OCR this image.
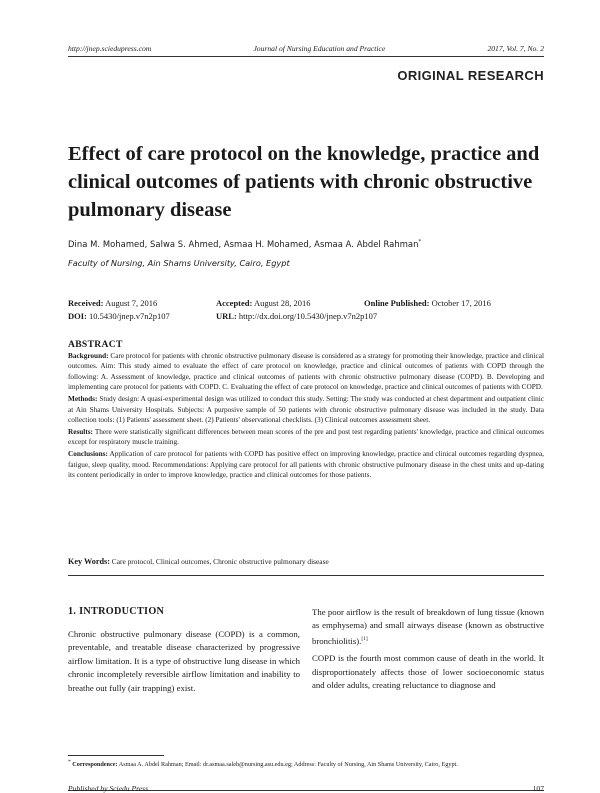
http://jnep.sciedupress.com	Journal of Nursing Education and Practice	2017, Vol. 7, No. 2
ORIGINAL RESEARCH
Effect of care protocol on the knowledge, practice and clinical outcomes of patients with chronic obstructive pulmonary disease
Dina M. Mohamed, Salwa S. Ahmed, Asmaa H. Mohamed, Asmaa A. Abdel Rahman*
Faculty of Nursing, Ain Shams University, Cairo, Egypt
Received: August 7, 2016	Accepted: August 28, 2016	Online Published: October 17, 2016
DOI: 10.5430/jnep.v7n2p107	URL: http://dx.doi.org/10.5430/jnep.v7n2p107
ABSTRACT

Background: Care protocol for patients with chronic obstructive pulmonary disease is considered as a strategy for promoting their knowledge, practice and clinical outcomes. Aim: This study aimed to evaluate the effect of care protocol on knowledge, practice and clinical outcomes of patients with COPD through the following: A. Assessment of knowledge, practice and clinical outcomes of patients with chronic obstructive pulmonary disease (COPD). B. Developing and implementing care protocol for patients with COPD. C. Evaluating the effect of care protocol on knowledge, practice and clinical outcomes of patients with COPD.

Methods: Study design: A quasi-experimental design was utilized to conduct this study. Setting: The study was conducted at chest department and outpatient clinic at Ain Shams University Hospitals. Subjects: A purposive sample of 50 patients with chronic obstructive pulmonary disease was included in the study. Data collection tools: (1) Patients' assessment sheet. (2) Patients' observational checklists. (3) Clinical outcomes assessment sheet.

Results: There were statistically significant differences between mean scores of the pre and post test regarding patients' knowledge, practice and clinical outcomes except for respiratory muscle training.

Conclusions: Application of care protocol for patients with COPD has positive effect on improving knowledge, practice and clinical outcomes regarding dyspnea, fatigue, sleep quality, mood. Recommendations: Applying care protocol for all patients with chronic obstructive pulmonary disease in the chest units and up-dating its content periodically in order to improve knowledge, practice and clinical outcomes for those patients.

Key Words: Care protocol, Clinical outcomes, Chronic obstructive pulmonary disease
1. INTRODUCTION

Chronic obstructive pulmonary disease (COPD) is a common, preventable, and treatable disease characterized by progressive airflow limitation. It is a type of obstructive lung disease in which chronic incompletely reversible airflow limitation and inability to breathe out fully (air trapping) exist.

The poor airflow is the result of breakdown of lung tissue (known as emphysema) and small airways disease (known as obstructive bronchiolitis).[1]

COPD is the fourth most common cause of death in the world. It disproportionately affects those of lower socioeconomic status and older adults, creating reluctance to diagnose and

* Correspondence: Asmaa A. Abdel Rahman; Email: dr.asmaa.saleh@nursing.asu.edu.eg; Address: Faculty of Nursing, Ain Shams University, Cairo, Egypt.
Published by Sciedu Press	107
